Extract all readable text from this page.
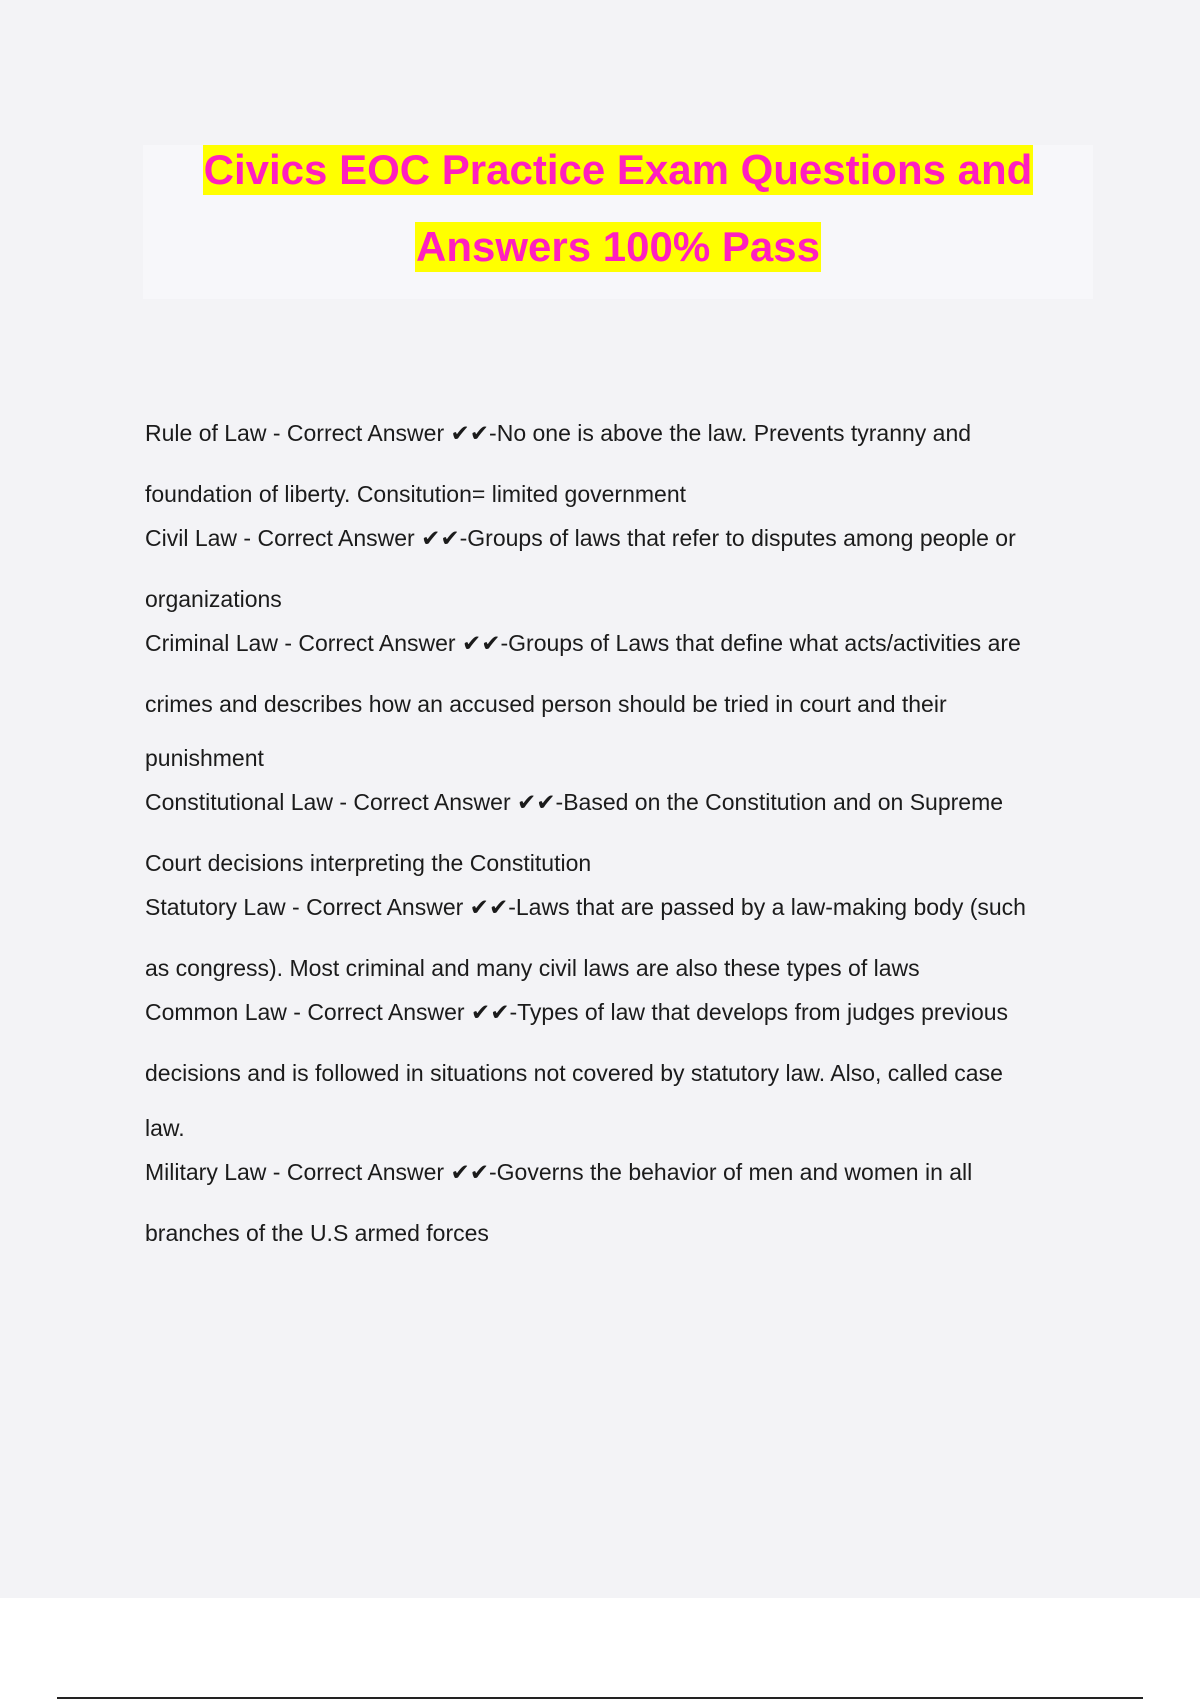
Civics EOC Practice Exam Questions and
Answers 100% Pass
Rule of Law - Correct Answer ✔✔-No one is above the law. Prevents tyranny and
foundation of liberty. Consitution= limited government
Civil Law - Correct Answer ✔✔-Groups of laws that refer to disputes among people or
organizations
Criminal Law - Correct Answer ✔✔-Groups of Laws that define what acts/activities are
crimes and describes how an accused person should be tried in court and their
punishment
Constitutional Law - Correct Answer ✔✔-Based on the Constitution and on Supreme
Court decisions interpreting the Constitution
Statutory Law - Correct Answer ✔✔-Laws that are passed by a law-making body (such
as congress). Most criminal and many civil laws are also these types of laws
Common Law - Correct Answer ✔✔-Types of law that develops from judges previous
decisions and is followed in situations not covered by statutory law. Also, called case
law.
Military Law - Correct Answer ✔✔-Governs the behavior of men and women in all
branches of the U.S armed forces
